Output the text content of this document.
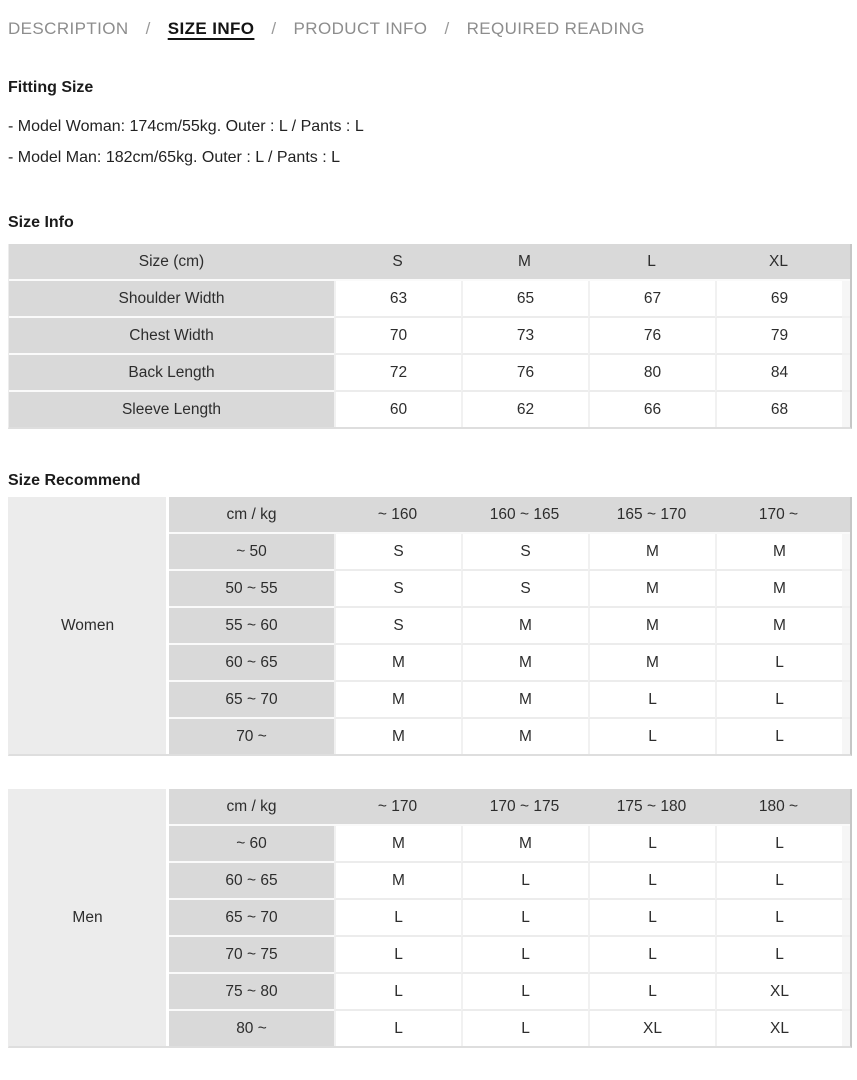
DESCRIPTION / SIZE INFO / PRODUCT INFO / REQUIRED READING
Fitting Size
- Model Woman: 174cm/55kg. Outer : L / Pants : L
- Model Man: 182cm/65kg. Outer : L / Pants : L
Size Info
Size (cm)	S	M	L	XL	
Shoulder Width	63	65	67	69	
Chest Width	70	73	76	79	
Back Length	72	76	80	84	
Sleeve Length	60	62	66	68	
Size Recommend
Women	cm / kg	~ 160	160 ~ 165	165 ~ 170	170 ~	
	~ 50	S	S	M	M	
	50 ~ 55	S	S	M	M	
	55 ~ 60	S	M	M	M	
	60 ~ 65	M	M	M	L	
	65 ~ 70	M	M	L	L	
	70 ~	M	M	L	L	
Men	cm / kg	~ 170	170 ~ 175	175 ~ 180	180 ~	
	~ 60	M	M	L	L	
	60 ~ 65	M	L	L	L	
	65 ~ 70	L	L	L	L	
	70 ~ 75	L	L	L	L	
	75 ~ 80	L	L	L	XL	
	80 ~	L	L	XL	XL	
